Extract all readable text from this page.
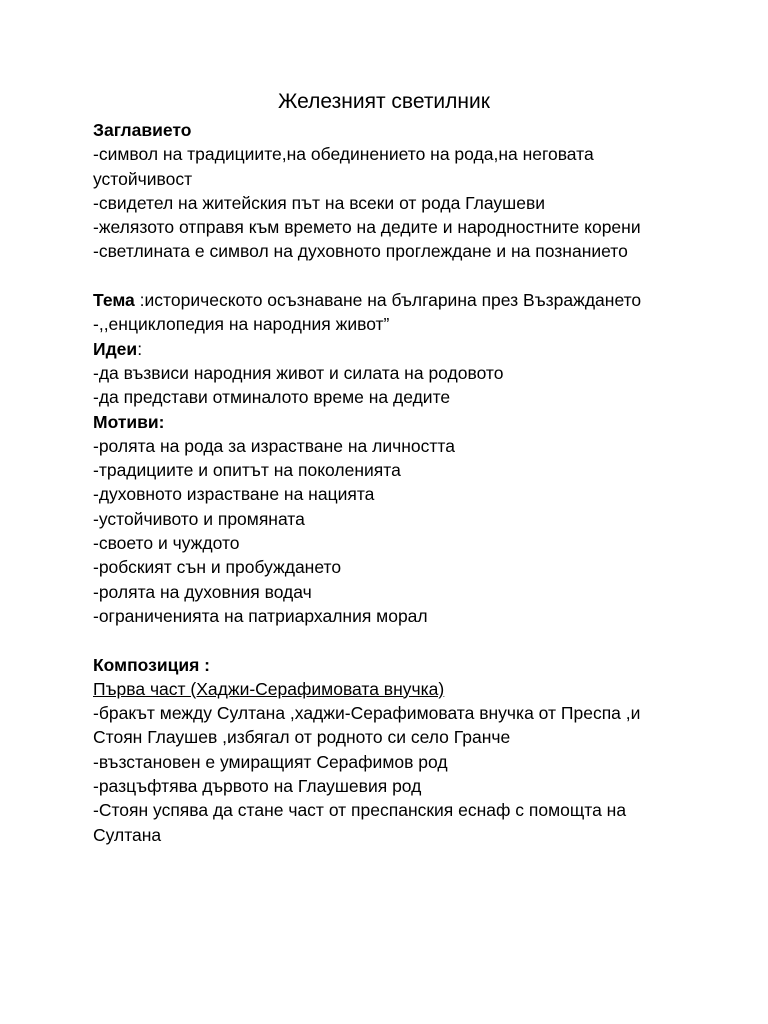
Железният светилник

Заглавието

-символ на традициите,на обединението на рода,на неговата устойчивост

-свидетел на житейския път на всеки от рода Глаушеви

-желязото отправя към времето на дедите и народностните корени

-светлината е символ на духовното проглеждане и на познанието

Тема :историческото осъзнаване на българина през Възраждането

-,,енциклопедия на народния живот”

Идеи:

-да възвиси народния живот и силата на родовото

-да представи отминалото време на дедите

Мотиви:

-ролята на рода за израстване на личността

-традициите и опитът на поколенията

-духовното израстване на нацията

-устойчивото и промяната

-своето и чуждото

-робският сън и пробуждането

-ролята на духовния водач

-ограниченията на патриархалния морал

Композиция :

Първа част (Хаджи-Серафимовата внучка)

-бракът между Султана ,хаджи-Серафимовата внучка от Преспа ,и Стоян Глаушев ,избягал от родното си село Гранче

-възстановен е умиращият Серафимов род

-разцъфтява дървото на Глаушевия род

-Стоян успява да стане част от преспанския еснаф с помощта на Султана
